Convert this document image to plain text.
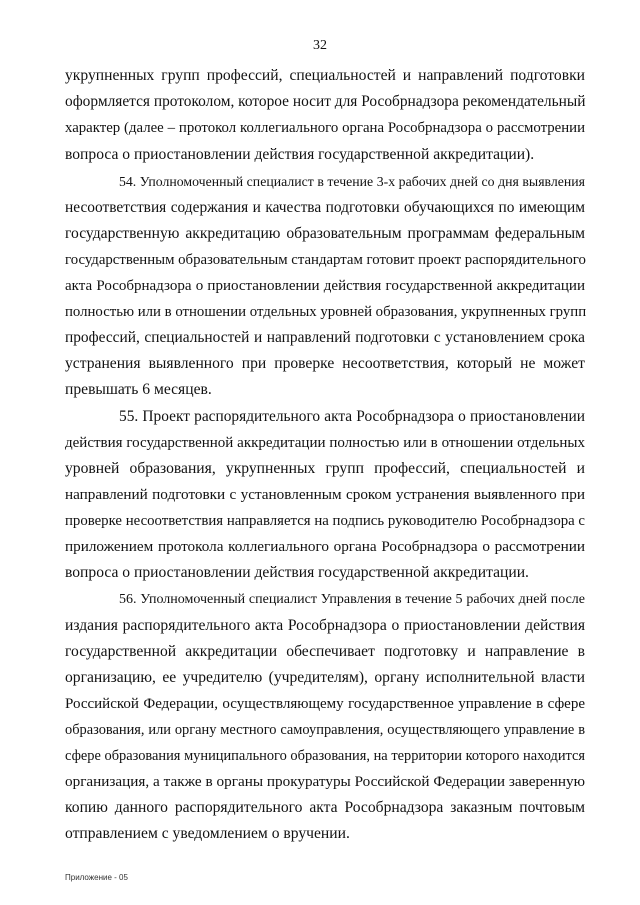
32
укрупненных групп профессий, специальностей и направлений подготовки
оформляется протоколом, которое носит для Рособрнадзора рекомендательный
характер (далее – протокол коллегиального органа Рособрнадзора о рассмотрении
вопроса о приостановлении действия государственной аккредитации).
54. Уполномоченный специалист в течение 3-х рабочих дней со дня выявления
несоответствия содержания и качества подготовки обучающихся по имеющим
государственную аккредитацию образовательным программам федеральным
государственным образовательным стандартам готовит проект распорядительного
акта Рособрнадзора о приостановлении действия государственной аккредитации
полностью или в отношении отдельных уровней образования, укрупненных групп
профессий, специальностей и направлений подготовки с установлением срока
устранения выявленного при проверке несоответствия, который не может
превышать 6 месяцев.
55. Проект распорядительного акта Рособрнадзора о приостановлении
действия государственной аккредитации полностью или в отношении отдельных
уровней образования, укрупненных групп профессий, специальностей и
направлений подготовки с установленным сроком устранения выявленного при
проверке несоответствия направляется на подпись руководителю Рособрнадзора с
приложением протокола коллегиального органа Рособрнадзора о рассмотрении
вопроса о приостановлении действия государственной аккредитации.
56. Уполномоченный специалист Управления в течение 5 рабочих дней после
издания распорядительного акта Рособрнадзора о приостановлении действия
государственной аккредитации обеспечивает подготовку и направление в
организацию, ее учредителю (учредителям), органу исполнительной власти
Российской Федерации, осуществляющему государственное управление в сфере
образования, или органу местного самоуправления, осуществляющего управление в
сфере образования муниципального образования, на территории которого находится
организация, а также в органы прокуратуры Российской Федерации заверенную
копию данного распорядительного акта Рособрнадзора заказным почтовым
отправлением с уведомлением о вручении.
Приложение - 05
